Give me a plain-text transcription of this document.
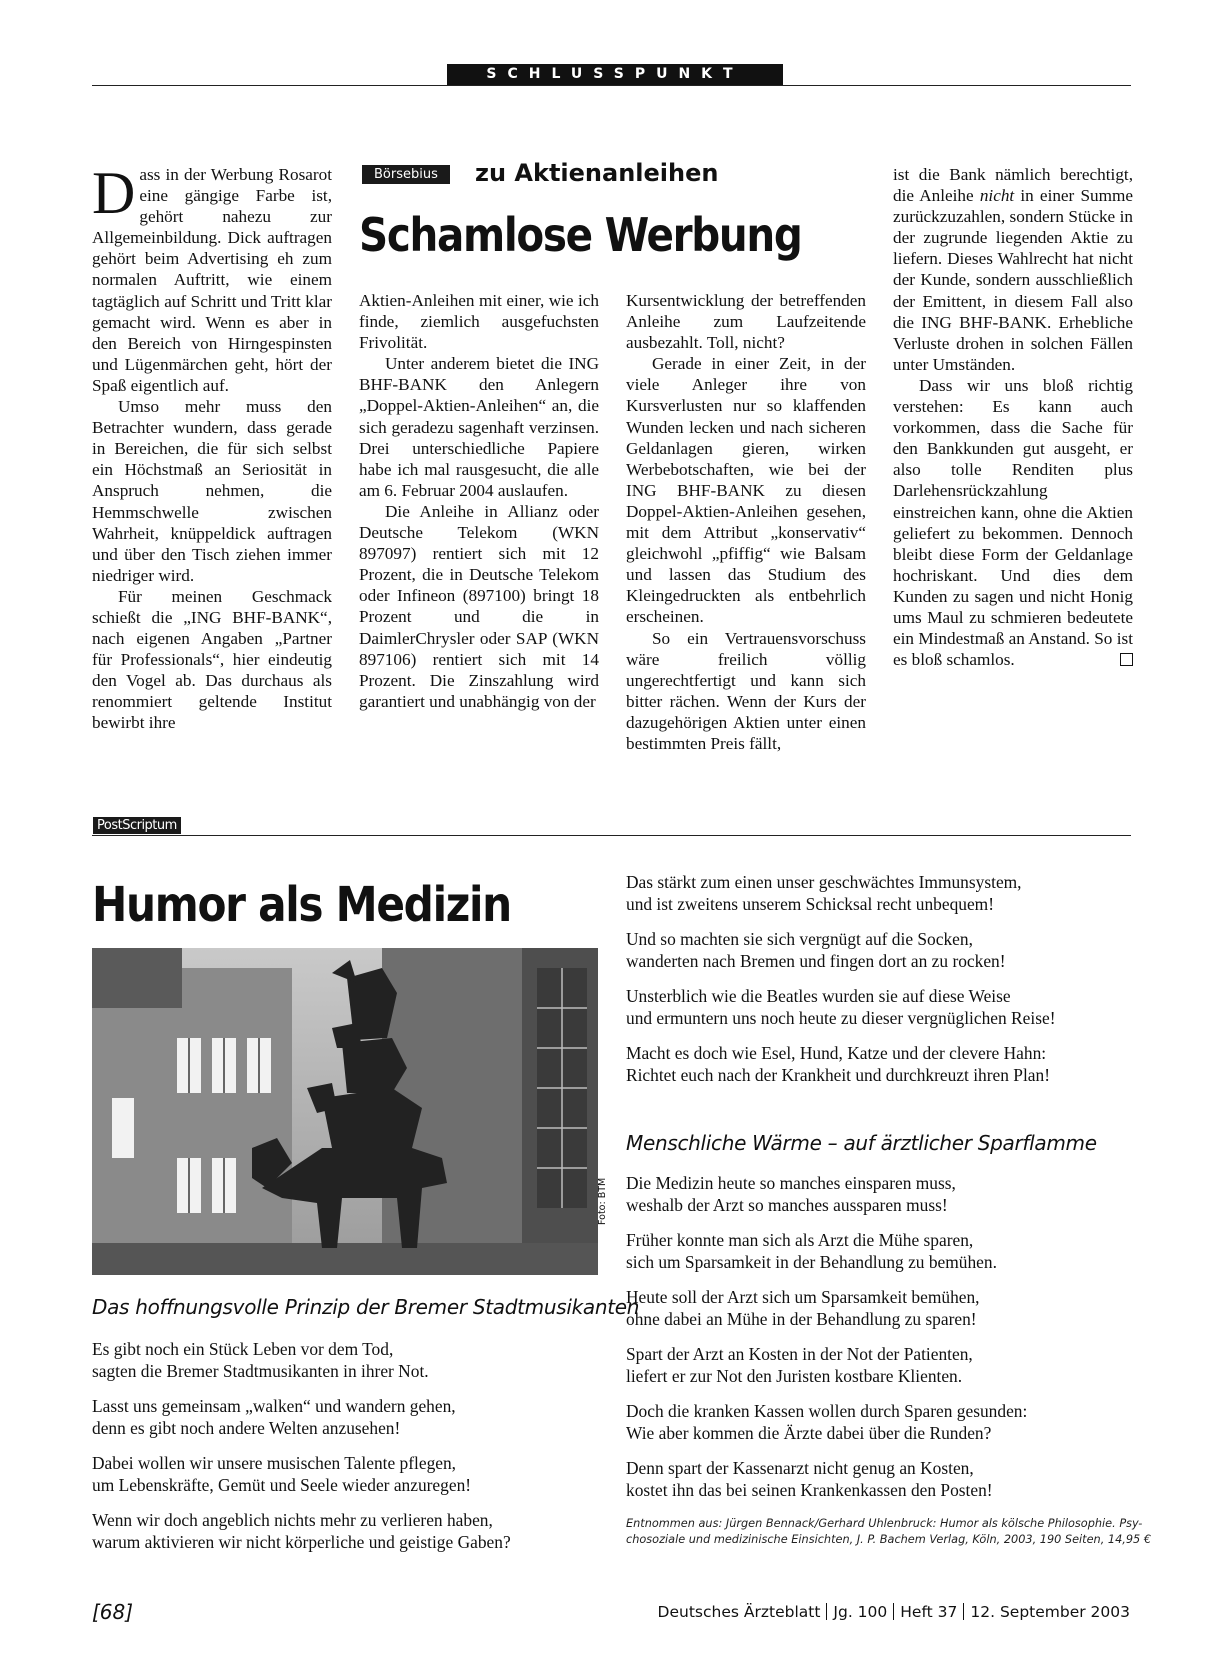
SCHLUSSPUNKT
Börsebius	zu Aktienanleihen
Schamlose Werbung

Dass in der Werbung Rosarot eine gängige Farbe ist, gehört nahezu zur Allgemeinbildung. Dick auftragen gehört beim Advertising eh zum normalen Auftritt, wie einem tagtäglich auf Schritt und Tritt klar gemacht wird. Wenn es aber in den Bereich von Hirngespinsten und Lügenmärchen geht, hört der Spaß eigentlich auf.

Umso mehr muss den Betrachter wundern, dass gerade in Bereichen, die für sich selbst ein Höchstmaß an Seriosität in Anspruch nehmen, die Hemmschwelle zwischen Wahrheit, knüppeldick auftragen und über den Tisch ziehen immer niedriger wird.

Für meinen Geschmack schießt die „ING BHF-BANK“, nach eigenen Angaben „Partner für Professionals“, hier eindeutig den Vogel ab. Das durchaus als renommiert geltende Institut bewirbt ihre

Aktien-Anleihen mit einer, wie ich finde, ziemlich ausgefuchsten Frivolität.

Unter anderem bietet die ING BHF-BANK den Anlegern „Doppel-Aktien-Anleihen“ an, die sich geradezu sagenhaft verzinsen. Drei unterschiedliche Papiere habe ich mal rausgesucht, die alle am 6. Februar 2004 auslaufen.

Die Anleihe in Allianz oder Deutsche Telekom (WKN 897097) rentiert sich mit 12 Prozent, die in Deutsche Telekom oder Infineon (897100) bringt 18 Prozent und die in DaimlerChrysler oder SAP (WKN 897106) rentiert sich mit 14 Prozent. Die Zinszahlung wird garantiert und unabhängig von der

Kursentwicklung der betreffenden Anleihe zum Laufzeitende ausbezahlt. Toll, nicht?

Gerade in einer Zeit, in der viele Anleger ihre von Kursverlusten nur so klaffenden Wunden lecken und nach sicheren Geldanlagen gieren, wirken Werbebotschaften, wie bei der ING BHF-BANK zu diesen Doppel-Aktien-Anleihen gesehen, mit dem Attribut „konservativ“ gleichwohl „pfiffig“ wie Balsam und lassen das Studium des Kleingedruckten als entbehrlich erscheinen.

So ein Vertrauensvorschuss wäre freilich völlig ungerechtfertigt und kann sich bitter rächen. Wenn der Kurs der dazugehörigen Aktien unter einen bestimmten Preis fällt,

ist die Bank nämlich berechtigt, die Anleihe nicht in einer Summe zurückzuzahlen, sondern Stücke in der zugrunde liegenden Aktie zu liefern. Dieses Wahlrecht hat nicht der Kunde, sondern ausschließlich der Emittent, in diesem Fall also die ING BHF-BANK. Erhebliche Verluste drohen in solchen Fällen unter Umständen.

Dass wir uns bloß richtig verstehen: Es kann auch vorkommen, dass die Sache für den Bankkunden gut ausgeht, er also tolle Renditen plus Darlehensrückzahlung einstreichen kann, ohne die Aktien geliefert zu bekommen. Dennoch bleibt diese Form der Geldanlage hochriskant. Und dies dem Kunden zu sagen und nicht Honig ums Maul zu schmieren bedeutete ein Mindestmaß an Anstand. So ist es bloß schamlos.

PostScriptum
Humor als Medizin
Foto: BTM
Das hoffnungsvolle Prinzip der Bremer Stadtmusikanten
Es gibt noch ein Stück Leben vor dem Tod,
sagten die Bremer Stadtmusikanten in ihrer Not.
Lasst uns gemeinsam „walken“ und wandern gehen,
denn es gibt noch andere Welten anzusehen!
Dabei wollen wir unsere musischen Talente pflegen,
um Lebenskräfte, Gemüt und Seele wieder anzuregen!
Wenn wir doch angeblich nichts mehr zu verlieren haben,
warum aktivieren wir nicht körperliche und geistige Gaben?
Das stärkt zum einen unser geschwächtes Immunsystem,
und ist zweitens unserem Schicksal recht unbequem!
Und so machten sie sich vergnügt auf die Socken,
wanderten nach Bremen und fingen dort an zu rocken!
Unsterblich wie die Beatles wurden sie auf diese Weise
und ermuntern uns noch heute zu dieser vergnüglichen Reise!
Macht es doch wie Esel, Hund, Katze und der clevere Hahn:
Richtet euch nach der Krankheit und durchkreuzt ihren Plan!
Menschliche Wärme – auf ärztlicher Sparflamme
Die Medizin heute so manches einsparen muss,
weshalb der Arzt so manches aussparen muss!
Früher konnte man sich als Arzt die Mühe sparen,
sich um Sparsamkeit in der Behandlung zu bemühen.
Heute soll der Arzt sich um Sparsamkeit bemühen,
ohne dabei an Mühe in der Behandlung zu sparen!
Spart der Arzt an Kosten in der Not der Patienten,
liefert er zur Not den Juristen kostbare Klienten.
Doch die kranken Kassen wollen durch Sparen gesunden:
Wie aber kommen die Ärzte dabei über die Runden?
Denn spart der Kassenarzt nicht genug an Kosten,
kostet ihn das bei seinen Krankenkassen den Posten!
Entnommen aus: Jürgen Bennack/Gerhard Uhlenbruck: Humor als kölsche Philosophie. Psy-
chosoziale und medizinische Einsichten, J. P. Bachem Verlag, Köln, 2003, 190 Seiten, 14,95 €
[68]	Deutsches Ärzteblatt Jg. 100 Heft 37 12. September 2003
